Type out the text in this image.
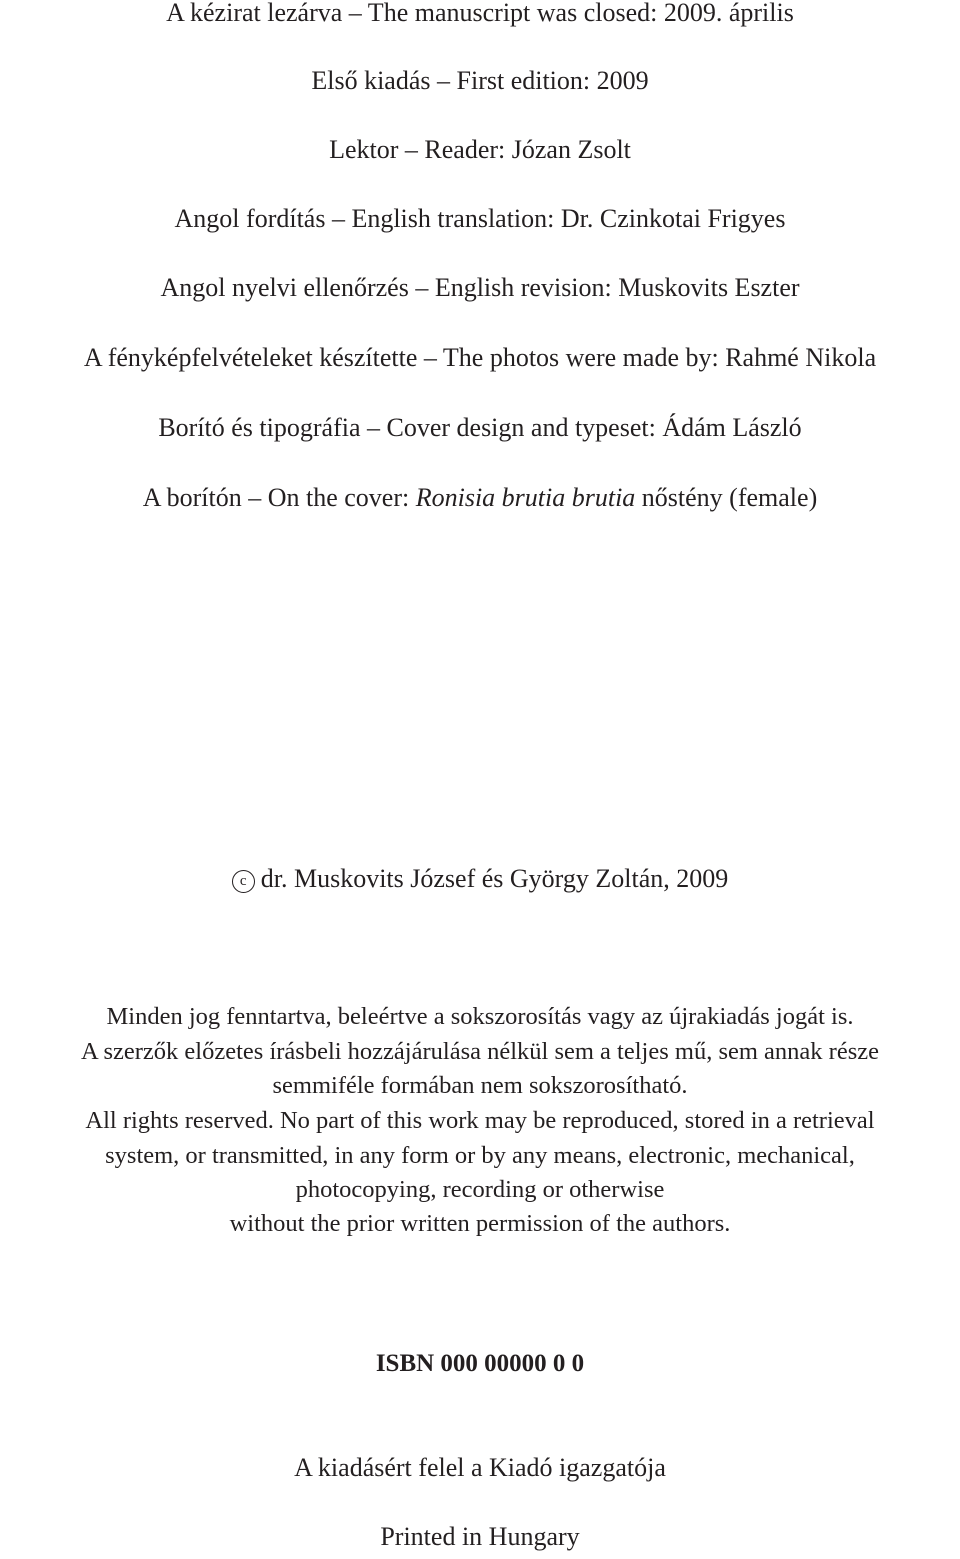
A kézirat lezárva – The manuscript was closed: 2009. április
Első kiadás – First edition: 2009
Lektor – Reader: Józan Zsolt
Angol fordítás – English translation: Dr. Czinkotai Frigyes
Angol nyelvi ellenőrzés – English revision: Muskovits Eszter
A fényképfelvételeket készítette – The photos were made by: Rahmé Nikola
Borító és tipográfia – Cover design and typeset: Ádám László
A borítón – On the cover: Ronisia brutia brutia nőstény (female)
c dr. Muskovits József és György Zoltán, 2009
Minden jog fenntartva, beleértve a sokszorosítás vagy az újrakiadás jogát is.
A szerzők előzetes írásbeli hozzájárulása nélkül sem a teljes mű, sem annak része
semmiféle formában nem sokszorosítható.
All rights reserved. No part of this work may be reproduced, stored in a retrieval
system, or transmitted, in any form or by any means, electronic, mechanical,
photocopying, recording or otherwise
without the prior written permission of the authors.
ISBN 000 00000 0 0
A kiadásért felel a Kiadó igazgatója
Printed in Hungary
